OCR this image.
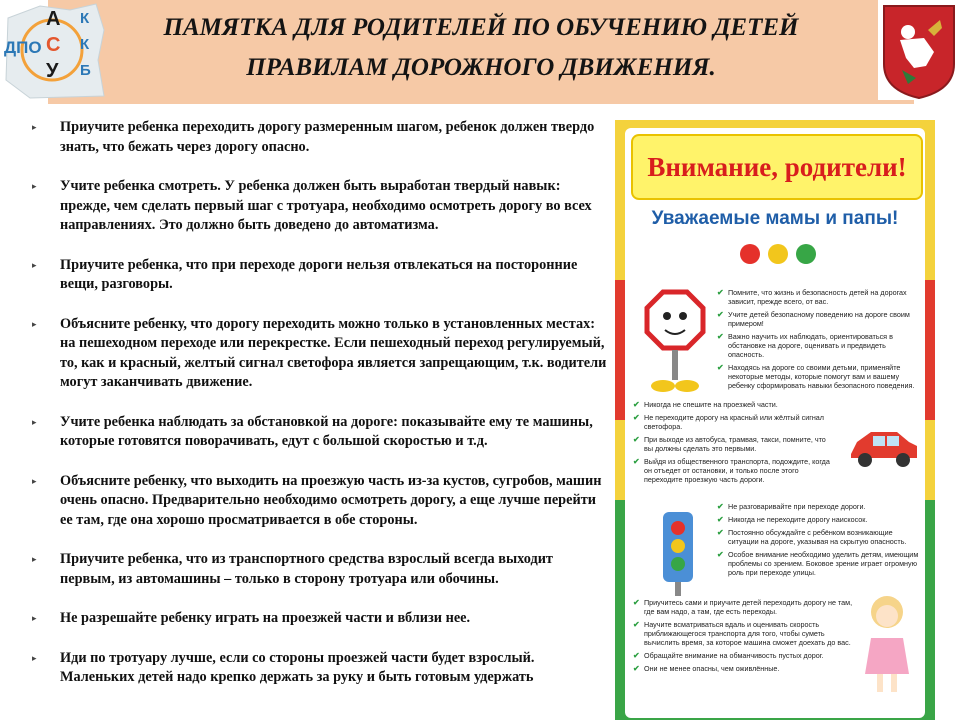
ДПО
А
С
У
К
К
Б
ПАМЯТКА ДЛЯ РОДИТЕЛЕЙ ПО ОБУЧЕНИЮ ДЕТЕЙ
ПРАВИЛАМ ДОРОЖНОГО ДВИЖЕНИЯ.
▸ Приучите ребенка переходить дорогу размеренным шагом, ребенок должен твердо знать, что бежать через дорогу опасно.
▸ Учите ребенка смотреть. У ребенка должен быть выработан твердый навык: прежде, чем сделать первый шаг с тротуара, необходимо осмотреть дорогу во всех направлениях. Это должно быть доведено до автоматизма.
▸ Приучите ребенка, что при переходе дороги нельзя отвлекаться на посторонние вещи, разговоры.
▸ Объясните ребенку, что дорогу переходить можно только в установленных местах: на пешеходном переходе или перекрестке. Если пешеходный переход регулируемый, то, как и красный, желтый сигнал светофора является запрещающим, т.к. водители могут заканчивать движение.
▸ Учите ребенка наблюдать за обстановкой на дороге: показывайте ему те машины, которые готовятся поворачивать, едут с большой скоростью и т.д.
▸ Объясните ребенку, что выходить на проезжую часть из-за кустов, сугробов, машин очень опасно. Предварительно необходимо осмотреть дорогу, а еще лучше перейти ее там, где она хорошо просматривается в обе стороны.
▸ Приучите ребенка, что из транспортного средства взрослый всегда выходит первым, из автомашины – только в сторону тротуара или обочины.
▸ Не разрешайте ребенку играть на проезжей части и вблизи нее.
▸ Иди по тротуару лучше, если со стороны проезжей части будет взрослый. Маленьких детей надо крепко держать за руку и быть готовым удержать
Внимание, родители!
Уважаемые мамы и папы!
✔ Помните, что жизнь и безопасность детей на дорогах зависит, прежде всего, от вас.
✔ Учите детей безопасному поведению на дороге своим примером!
✔ Важно научить их наблюдать, ориентироваться в обстановке на дороге, оценивать и предвидеть опасность.
✔ Находясь на дороге со своими детьми, применяйте некоторые методы, которые помогут вам и вашему ребенку сформировать навыки безопасного поведения.
✔ Никогда не спешите на проезжей части.
✔ Не переходите дорогу на красный или жёлтый сигнал светофора.
✔ При выходе из автобуса, трамвая, такси, помните, что вы должны сделать это первыми.
✔ Выйдя из общественного транспорта, подождите, когда он отъедет от остановки, и только после этого переходите проезжую часть дороги.
✔ Не разговаривайте при переходе дороги.
✔ Никогда не переходите дорогу наискосок.
✔ Постоянно обсуждайте с ребёнком возникающие ситуации на дороге, указывая на скрытую опасность.
✔ Особое внимание необходимо уделить детям, имеющим проблемы со зрением. Боковое зрение играет огромную роль при переходе улицы.
✔ Приучитесь сами и приучите детей переходить дорогу не там, где вам надо, а там, где есть переходы.
✔ Научите всматриваться вдаль и оценивать скорость приближающегося транспорта для того, чтобы суметь вычислить время, за которое машина сможет доехать до вас.
✔ Обращайте внимание на обманчивость пустых дорог.
✔ Они не менее опасны, чем оживлённые.
